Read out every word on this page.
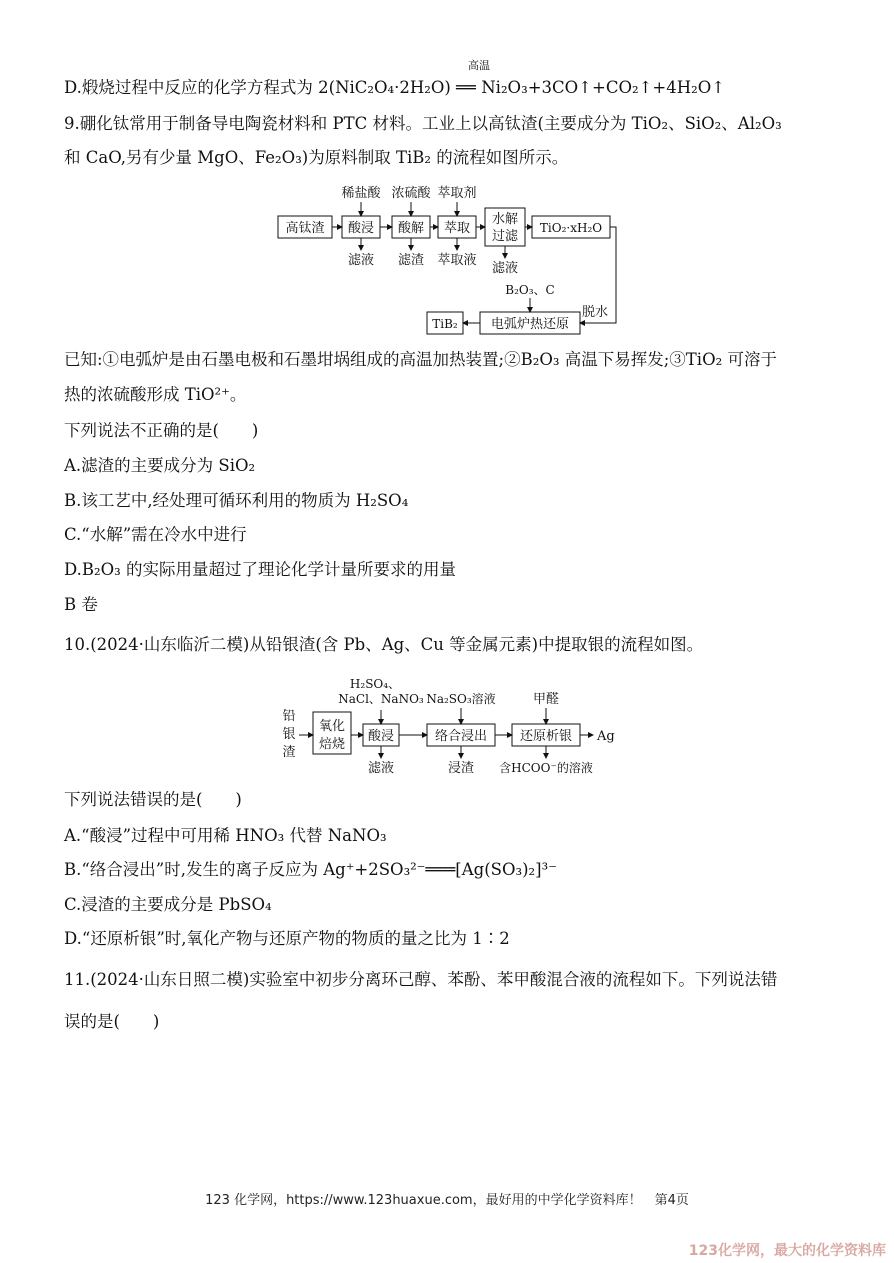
D.煅烧过程中反应的化学方程式为 2(NiC₂O₄·2H₂O) ══ Ni₂O₃+3CO↑+CO₂↑+4H₂O↑
高温
9.硼化钛常用于制备导电陶瓷材料和 PTC 材料。工业上以高钛渣(主要成分为 TiO₂、SiO₂、Al₂O₃
和 CaO,另有少量 MgO、Fe₂O₃)为原料制取 TiB₂ 的流程如图所示。
高钛渣 酸浸 酸解 萃取
水解
过滤
TiO₂·xH₂O
电弧炉热还原
TiB₂
稀盐酸 浓硫酸 萃取剂
B₂O₃、C
滤液 滤渣 萃取液
滤液
脱水
已知:①电弧炉是由石墨电极和石墨坩埚组成的高温加热装置;②B₂O₃ 高温下易挥发;③TiO₂ 可溶于
热的浓硫酸形成 TiO²⁺。
下列说法不正确的是(　　)
A.滤渣的主要成分为 SiO₂
B.该工艺中,经处理可循环利用的物质为 H₂SO₄
C.“水解”需在冷水中进行
D.B₂O₃ 的实际用量超过了理论化学计量所要求的用量
B 卷
10.(2024·山东临沂二模)从铅银渣(含 Pb、Ag、Cu 等金属元素)中提取银的流程如图。
铅
银
渣
氧化
焙烧
酸浸	络合浸出	还原析银 Ag
H₂SO₄、
NaCl、NaNO₃ Na₂SO₃溶液	甲醛
滤液	浸渣 含HCOO⁻的溶液
下列说法错误的是(　　)
A.“酸浸”过程中可用稀 HNO₃ 代替 NaNO₃
B.“络合浸出”时,发生的离子反应为 Ag⁺+2SO₃²⁻═══[Ag(SO₃)₂]³⁻
C.浸渣的主要成分是 PbSO₄
D.“还原析银”时,氧化产物与还原产物的物质的量之比为 1∶2
11.(2024·山东日照二模)实验室中初步分离环己醇、苯酚、苯甲酸混合液的流程如下。下列说法错
误的是(　　)
123 化学网，https://www.123huaxue.com，最好用的中学化学资料库！　第4页
123化学网，最大的化学资料库
